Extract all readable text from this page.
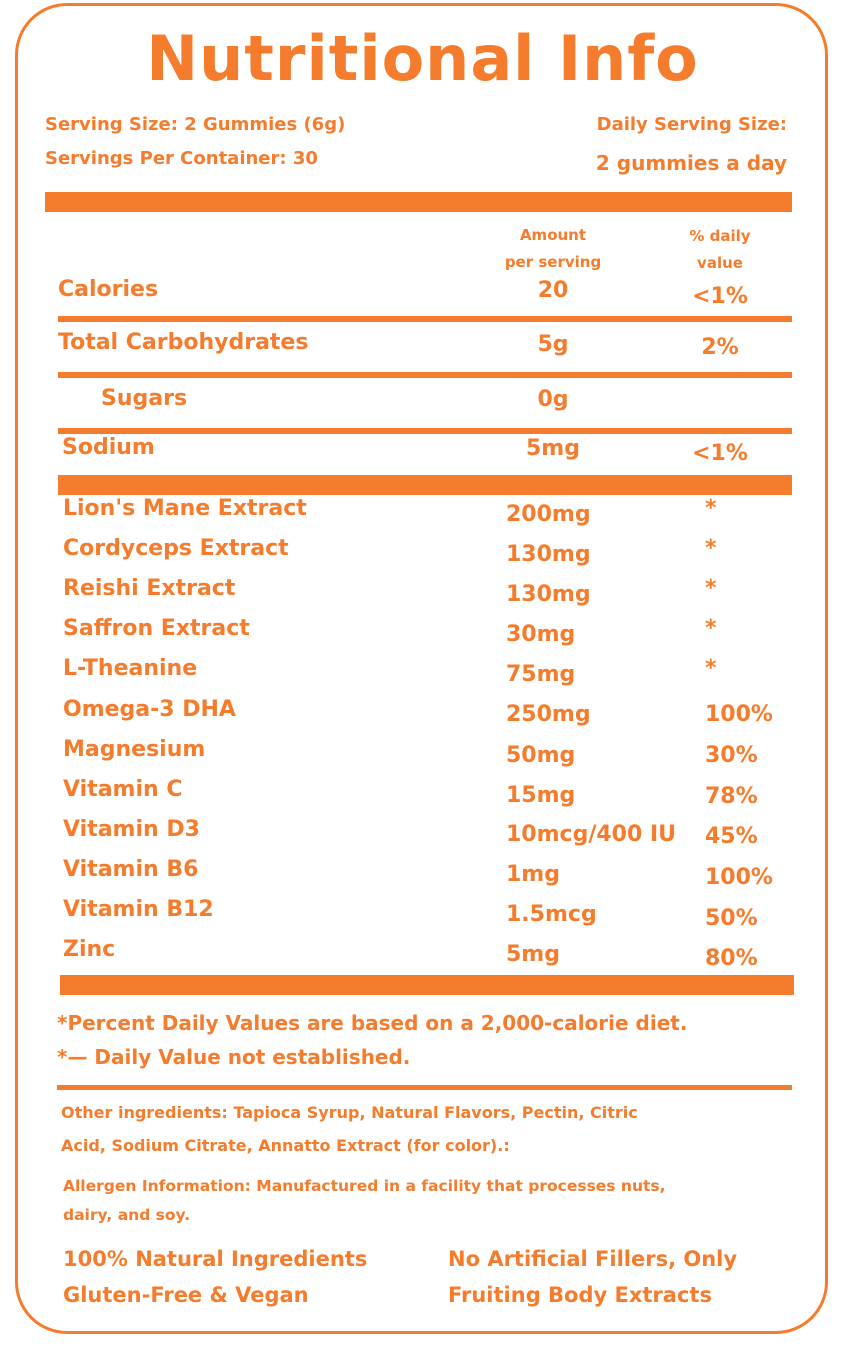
Nutritional Info
Serving Size: 2 Gummies (6g)
Servings Per Container: 30
Daily Serving Size:
2 gummies a day
Amount
per serving
% daily
value
Calories	20	<1%
Total Carbohydrates	5g	2%
Sugars	0g
Sodium	5mg	<1%
Lion's Mane Extract	200mg	*
Cordyceps Extract	130mg	*
Reishi Extract	130mg	*
Saffron Extract	30mg	*
L-Theanine	75mg	*
Omega-3 DHA	250mg	100%
Magnesium	50mg	30%
Vitamin C	15mg	78%
Vitamin D3	10mcg/400 IU 45%
Vitamin B6	1mg	100%
Vitamin B12	1.5mcg	50%
Zinc	5mg	80%
*Percent Daily Values are based on a 2,000-calorie diet.
*— Daily Value not established.
Other ingredients: Tapioca Syrup, Natural Flavors, Pectin, Citric
Acid, Sodium Citrate, Annatto Extract (for color).:
Allergen Information: Manufactured in a facility that processes nuts,
dairy, and soy.
100% Natural Ingredients
Gluten-Free & Vegan
No Artificial Fillers, Only
Fruiting Body Extracts
